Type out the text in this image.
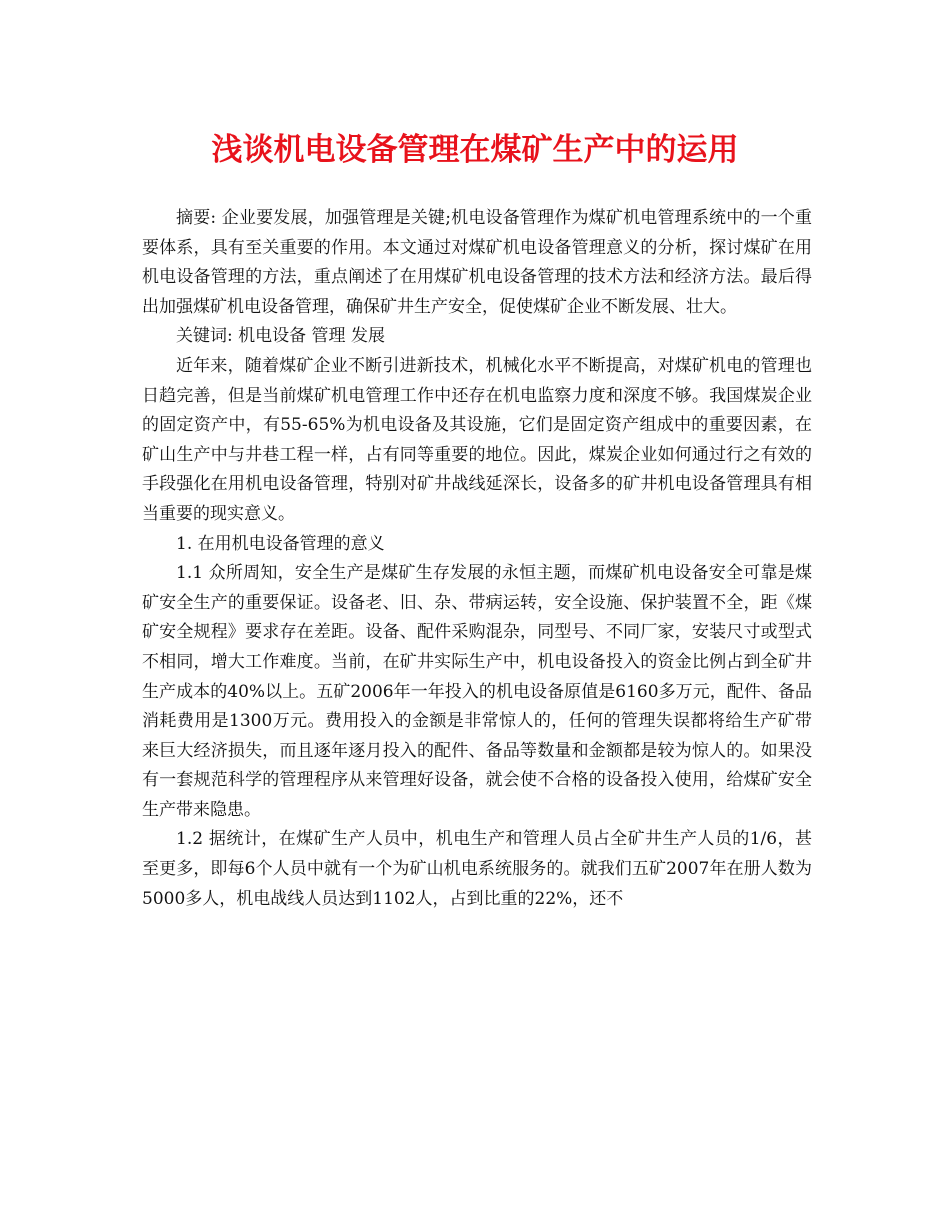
浅谈机电设备管理在煤矿生产中的运用

摘要: 企业要发展，加强管理是关键;机电设备管理作为煤矿机电管理系统中的一个重要体系，具有至关重要的作用。本文通过对煤矿机电设备管理意义的分析，探讨煤矿在用机电设备管理的方法，重点阐述了在用煤矿机电设备管理的技术方法和经济方法。最后得出加强煤矿机电设备管理，确保矿井生产安全，促使煤矿企业不断发展、壮大。

关键词: 机电设备 管理 发展

近年来，随着煤矿企业不断引进新技术，机械化水平不断提高，对煤矿机电的管理也日趋完善，但是当前煤矿机电管理工作中还存在机电监察力度和深度不够。我国煤炭企业的固定资产中，有55-65%为机电设备及其设施，它们是固定资产组成中的重要因素，在矿山生产中与井巷工程一样，占有同等重要的地位。因此，煤炭企业如何通过行之有效的手段强化在用机电设备管理，特别对矿井战线延深长，设备多的矿井机电设备管理具有相当重要的现实意义。

1. 在用机电设备管理的意义

1.1 众所周知，安全生产是煤矿生存发展的永恒主题，而煤矿机电设备安全可靠是煤矿安全生产的重要保证。设备老、旧、杂、带病运转，安全设施、保护装置不全，距《煤矿安全规程》要求存在差距。设备、配件采购混杂，同型号、不同厂家，安装尺寸或型式不相同，增大工作难度。当前，在矿井实际生产中，机电设备投入的资金比例占到全矿井生产成本的40%以上。五矿2006年一年投入的机电设备原值是6160多万元，配件、备品消耗费用是1300万元。费用投入的金额是非常惊人的，任何的管理失误都将给生产矿带来巨大经济损失，而且逐年逐月投入的配件、备品等数量和金额都是较为惊人的。如果没有一套规范科学的管理程序从来管理好设备，就会使不合格的设备投入使用，给煤矿安全生产带来隐患。

1.2 据统计，在煤矿生产人员中，机电生产和管理人员占全矿井生产人员的1/6，甚至更多，即每6个人员中就有一个为矿山机电系统服务的。就我们五矿2007年在册人数为5000多人，机电战线人员达到1102人，占到比重的22%，还不
